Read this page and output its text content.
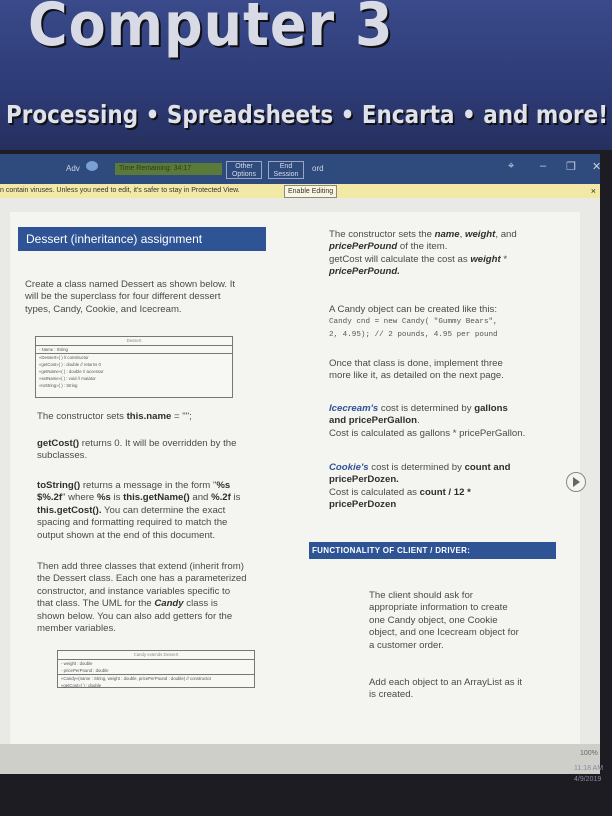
Computer 3
Processing • Spreadsheets • Encarta • and more!
Adv	Time Remaining: 34:17	Other
Options
End
Session
ord	⌖ – ❐ ✕
n contain viruses. Unless you need to edit, it's safer to stay in Protected View.	Enable Editing	×
Dessert (inheritance) assignment
Create a class named Dessert as shown below. It
will be the superclass for four different dessert
types, Candy, Cookie, and Icecream.
Dessert
- Name : String
«Dessert»( ) // constructor
«getCost»( ) : double // returns 0
«getName»( ) : double // accessor
«setName»( ) : void // mutator
«toString»( ) : String
The constructor sets this.name = "";
getCost() returns 0. It will be overridden by the
subclasses.
toString() returns a message in the form "%s
$%.2f" where %s is this.getName() and %.2f is
this.getCost(). You can determine the exact
spacing and formatting required to match the
output shown at the end of this document.
Then add three classes that extend (inherit from)
the Dessert class. Each one has a parameterized
constructor, and instance variables specific to
that class. The UML for the Candy class is
shown below. You can also add getters for the
member variables.
Candy extends Dessert
- weight : double
- pricePerPound : double
«Candy»(name : String, weight : double, pricePerPound : double) // constructor
«getCost»( ) : double
The constructor sets the name, weight, and
pricePerPound of the item.
getCost will calculate the cost as weight *
pricePerPound.
A Candy object can be created like this:
Candy cnd = new Candy( "Gummy Bears",
2, 4.95); // 2 pounds, 4.95 per pound
Once that class is done, implement three
more like it, as detailed on the next page.
Icecream's cost is determined by gallons
and pricePerGallon.
Cost is calculated as gallons * pricePerGallon.
Cookie's cost is determined by count and
pricePerDozen.
Cost is calculated as count / 12 *
pricePerDozen
FUNCTIONALITY OF CLIENT / DRIVER:
The client should ask for
appropriate information to create
one Candy object, one Cookie
object, and one Icecream object for
a customer order.
Add each object to an ArrayList as it
is created.
100%
11:18 AM
4/9/2019
